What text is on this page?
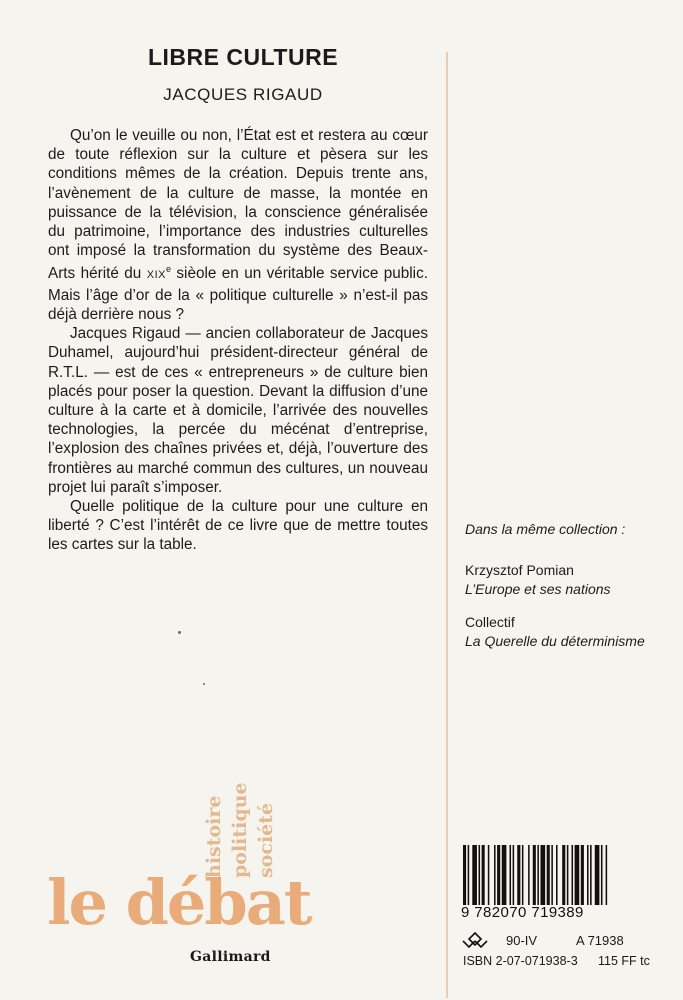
LIBRE CULTURE
JACQUES RIGAUD

Qu’on le veuille ou non, l’État est et restera au cœur de toute réflexion sur la culture et pèsera sur les conditions mêmes de la création. Depuis trente ans, l’avènement de la culture de masse, la montée en puissance de la télévision, la conscience généralisée du patrimoine, l’importance des industries culturelles ont imposé la transformation du système des Beaux-Arts hérité du XIXe sièole en un véritable service public. Mais l’âge d’or de la « politique culturelle » n’est-il pas déjà derrière nous ?

Jacques Rigaud — ancien collaborateur de Jacques Duhamel, aujourd’hui président-directeur général de R.T.L. — est de ces « entrepreneurs » de culture bien placés pour poser la question. Devant la diffusion d’une culture à la carte et à domicile, l’arrivée des nouvelles technologies, la percée du mécénat d’entreprise, l’explosion des chaînes privées et, déjà, l’ouverture des frontières au marché commun des cultures, un nouveau projet lui paraît s’imposer.

Quelle politique de la culture pour une culture en liberté ? C’est l’intérêt de ce livre que de mettre toutes les cartes sur la table.

Dans la même collection :
Krzysztof Pomian
L’Europe et ses nations
Collectif
La Querelle du déterminisme
histoire politique société
le débat
Gallimard
9 782070 719389
90-IV	A 71938
ISBN 2-07-071938-3 115 FF tc
